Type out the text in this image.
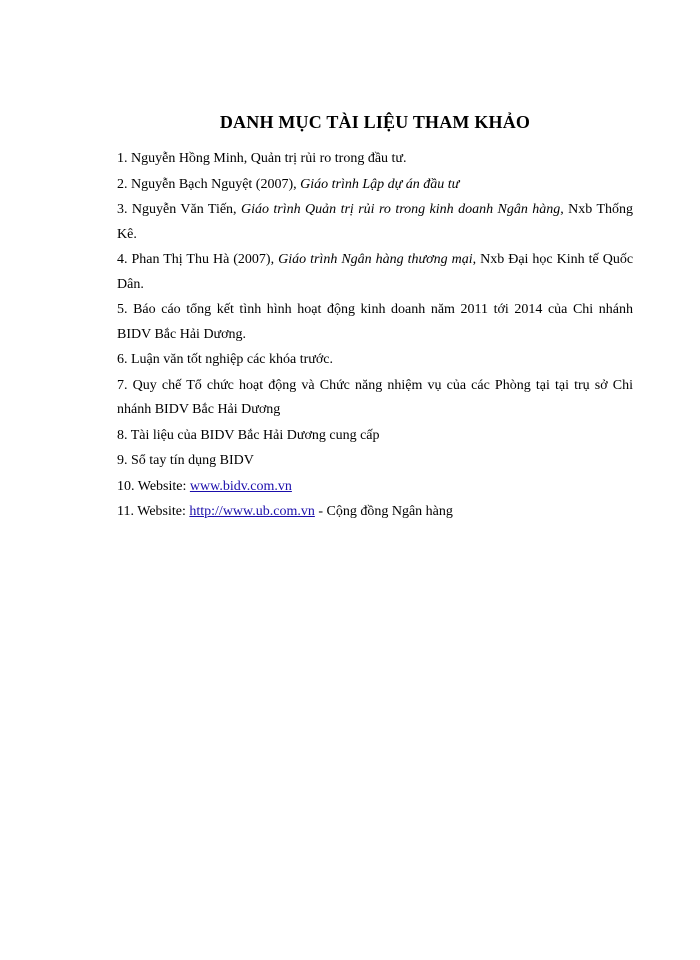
DANH MỤC TÀI LIỆU THAM KHẢO
1. Nguyễn Hồng Minh, Quản trị rủi ro trong đầu tư.
2. Nguyễn Bạch Nguyệt (2007), Giáo trình Lập dự án đầu tư
3. Nguyễn Văn Tiến, Giáo trình Quản trị rủi ro trong kinh doanh Ngân hàng, Nxb Thống Kê.
4. Phan Thị Thu Hà (2007), Giáo trình Ngân hàng thương mại, Nxb Đại học Kinh tế Quốc Dân.
5. Báo cáo tổng kết tình hình hoạt động kinh doanh năm 2011 tới 2014 của Chi nhánh BIDV Bắc Hải Dương.
6. Luận văn tốt nghiệp các khóa trước.
7. Quy chế Tổ chức hoạt động và Chức năng nhiệm vụ của các Phòng tại tại trụ sở Chi nhánh BIDV Bắc Hải Dương
8. Tài liệu của BIDV Bắc Hải Dương cung cấp
9. Sổ tay tín dụng BIDV
10. Website: www.bidv.com.vn
11. Website: http://www.ub.com.vn - Cộng đồng Ngân hàng
